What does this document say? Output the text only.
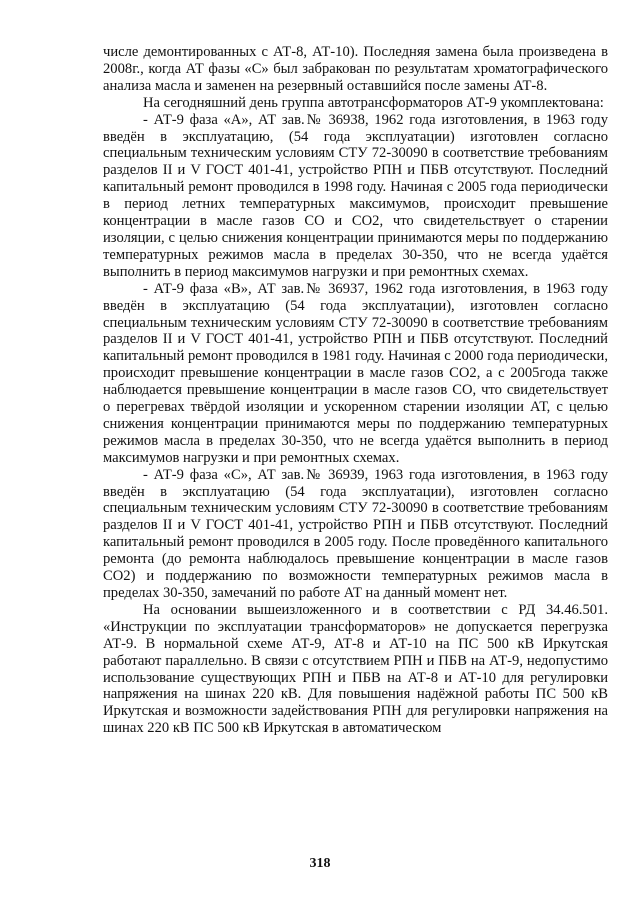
числе демонтированных с АТ-8, АТ-10). Последняя замена была произведена в 2008г., когда АТ фазы «С» был забракован по результатам хроматографического анализа масла и заменен на резервный оставшийся после замены АТ-8.

На сегодняшний день группа автотрансформаторов АТ-9 укомплектована:

- АТ-9 фаза «А», АТ зав.№ 36938, 1962 года изготовления, в 1963 году введён в эксплуатацию, (54 года эксплуатации) изготовлен согласно специальным техническим условиям СТУ 72-30090 в соответствие требованиям разделов II и V ГОСТ 401-41, устройство РПН и ПБВ отсутствуют. Последний капитальный ремонт проводился в 1998 году. Начиная с 2005 года периодически в период летних температурных максимумов, происходит превышение концентрации в масле газов СО и СО2, что свидетельствует о старении изоляции, с целью снижения концентрации принимаются меры по поддержанию температурных режимов масла в пределах 30-350, что не всегда удаётся выполнить в период максимумов нагрузки и при ремонтных схемах.

- АТ-9 фаза «В», АТ зав.№ 36937, 1962 года изготовления, в 1963 году введён в эксплуатацию (54 года эксплуатации), изготовлен согласно специальным техническим условиям СТУ 72-30090 в соответствие требованиям разделов II и V ГОСТ 401-41, устройство РПН и ПБВ отсутствуют. Последний капитальный ремонт проводился в 1981 году. Начиная с 2000 года периодически, происходит превышение концентрации в масле газов СО2, а с 2005года также наблюдается превышение концентрации в масле газов СО, что свидетельствует о перегревах твёрдой изоляции и ускоренном старении изоляции АТ, с целью снижения концентрации принимаются меры по поддержанию температурных режимов масла в пределах 30-350, что не всегда удаётся выполнить в период максимумов нагрузки и при ремонтных схемах.

- АТ-9 фаза «С», АТ зав.№ 36939, 1963 года изготовления, в 1963 году введён в эксплуатацию (54 года эксплуатации), изготовлен согласно специальным техническим условиям СТУ 72-30090 в соответствие требованиям разделов II и V ГОСТ 401-41, устройство РПН и ПБВ отсутствуют. Последний капитальный ремонт проводился в 2005 году. После проведённого капитального ремонта (до ремонта наблюдалось превышение концентрации в масле газов СО2) и поддержанию по возможности температурных режимов масла в пределах 30-350, замечаний по работе АТ на данный момент нет.

На основании вышеизложенного и в соответствии с РД 34.46.501. «Инструкции по эксплуатации трансформаторов» не допускается перегрузка АТ-9. В нормальной схеме АТ-9, АТ-8 и АТ-10 на ПС 500 кВ Иркутская работают параллельно. В связи с отсутствием РПН и ПБВ на АТ-9, недопустимо использование существующих РПН и ПБВ на АТ-8 и АТ-10 для регулировки напряжения на шинах 220 кВ. Для повышения надёжной работы ПС 500 кВ Иркутская и возможности задействования РПН для регулировки напряжения на шинах 220 кВ ПС 500 кВ Иркутская в автоматическом

318
